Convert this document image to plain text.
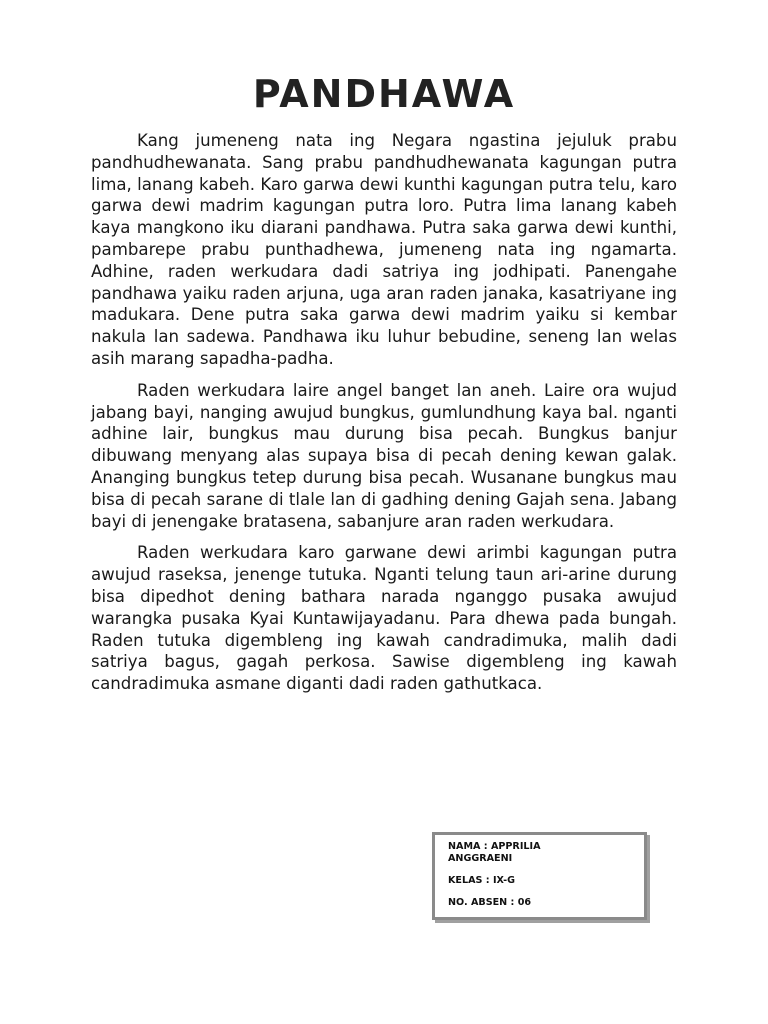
PANDHAWA

Kang jumeneng nata ing Negara ngastina jejuluk prabu pandhudhewanata. Sang prabu pandhudhewanata kagungan putra lima, lanang kabeh. Karo garwa dewi kunthi kagungan putra telu, karo garwa dewi madrim kagungan putra loro. Putra lima lanang kabeh kaya mangkono iku diarani pandhawa. Putra saka garwa dewi kunthi, pambarepe prabu punthadhewa, jumeneng nata ing ngamarta. Adhine, raden werkudara dadi satriya ing jodhipati. Panengahe pandhawa yaiku raden arjuna, uga aran raden janaka, kasatriyane ing madukara. Dene putra saka garwa dewi madrim yaiku si kembar nakula lan sadewa. Pandhawa iku luhur bebudine, seneng lan welas asih marang sapadha-padha.

Raden werkudara laire angel banget lan aneh. Laire ora wujud jabang bayi, nanging awujud bungkus, gumlundhung kaya bal. nganti adhine lair, bungkus mau durung bisa pecah. Bungkus banjur dibuwang menyang alas supaya bisa di pecah dening kewan galak. Ananging bungkus tetep durung bisa pecah. Wusanane bungkus mau bisa di pecah sarane di tlale lan di gadhing dening Gajah sena. Jabang bayi di jenengake bratasena, sabanjure aran raden werkudara.

Raden werkudara karo garwane dewi arimbi kagungan putra awujud raseksa, jenenge tutuka. Nganti telung taun ari-arine durung bisa dipedhot dening bathara narada nganggo pusaka awujud warangka pusaka Kyai Kuntawijayadanu. Para dhewa pada bungah. Raden tutuka digembleng ing kawah candradimuka, malih dadi satriya bagus, gagah perkosa. Sawise digembleng ing kawah candradimuka asmane diganti dadi raden gathutkaca.

NAMA : APPRILIA
ANGGRAENI
KELAS : IX-G
NO. ABSEN : 06
